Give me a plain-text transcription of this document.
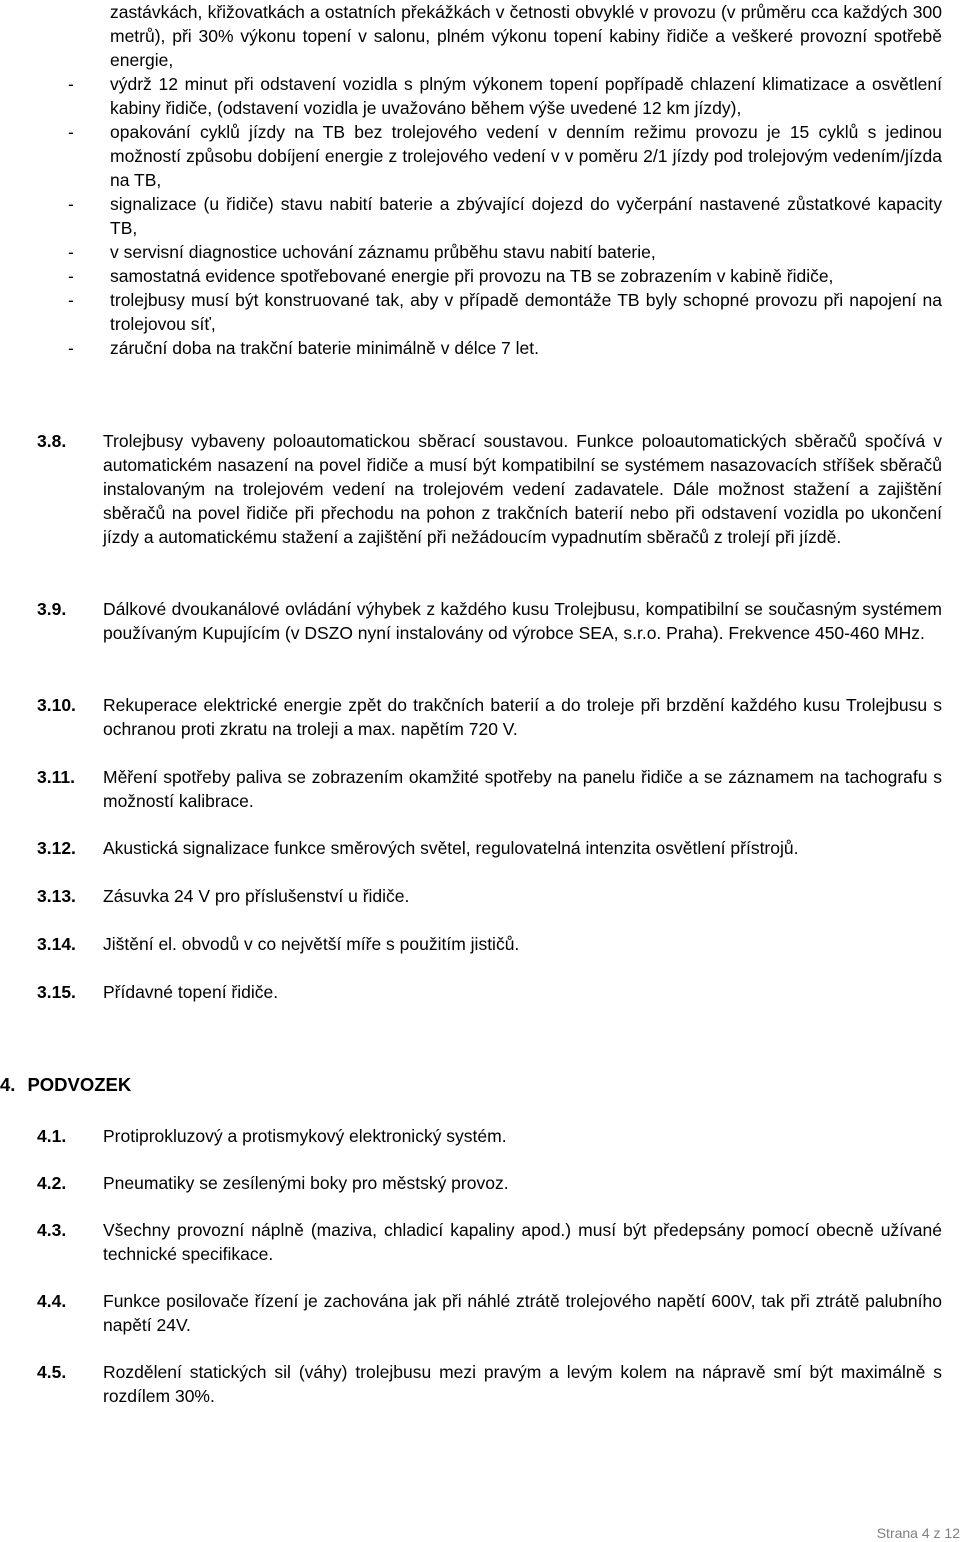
zastávkách, křižovatkách a ostatních překážkách v četnosti obvyklé v provozu (v průměru cca každých 300 metrů), při 30% výkonu topení v salonu, plném výkonu topení kabiny řidiče a veškeré provozní spotřebě energie,
- výdrž 12 minut při odstavení vozidla s plným výkonem topení popřípadě chlazení klimatizace a osvětlení kabiny řidiče, (odstavení vozidla je uvažováno během výše uvedené 12 km jízdy),
- opakování cyklů jízdy na TB bez trolejového vedení v denním režimu provozu je 15 cyklů s jedinou možností způsobu dobíjení energie z trolejového vedení v v poměru 2/1 jízdy pod trolejovým vedením/jízda na TB,
- signalizace (u řidiče) stavu nabití baterie a zbývající dojezd do vyčerpání nastavené zůstatkové kapacity TB,
- v servisní diagnostice uchování záznamu průběhu stavu nabití baterie,
- samostatná evidence spotřebované energie při provozu na TB se zobrazením v kabině řidiče,
- trolejbusy musí být konstruované tak, aby v případě demontáže TB byly schopné provozu při napojení na trolejovou síť,
- záruční doba na trakční baterie minimálně v délce 7 let.
3.8. Trolejbusy vybaveny poloautomatickou sběrací soustavou. Funkce poloautomatických sběračů spočívá v automatickém nasazení na povel řidiče a musí být kompatibilní se systémem nasazovacích stříšek sběračů instalovaným na trolejovém vedení na trolejovém vedení zadavatele. Dále možnost stažení a zajištění sběračů na povel řidiče při přechodu na pohon z trakčních baterií nebo při odstavení vozidla po ukončení jízdy a automatickému stažení a zajištění při nežádoucím vypadnutím sběračů z trolejí při jízdě.
3.9. Dálkové dvoukanálové ovládání výhybek z každého kusu Trolejbusu, kompatibilní se současným systémem používaným Kupujícím (v DSZO nyní instalovány od výrobce SEA, s.r.o. Praha). Frekvence 450-460 MHz.
3.10. Rekuperace elektrické energie zpět do trakčních baterií a do troleje při brzdění každého kusu Trolejbusu s ochranou proti zkratu na troleji a max. napětím 720 V.
3.11. Měření spotřeby paliva se zobrazením okamžité spotřeby na panelu řidiče a se záznamem na tachografu s možností kalibrace.
3.12. Akustická signalizace funkce směrových světel, regulovatelná intenzita osvětlení přístrojů.
3.13. Zásuvka 24 V pro příslušenství u řidiče.
3.14. Jištění el. obvodů v co největší míře s použitím jističů.
3.15. Přídavné topení řidiče.
4. PODVOZEK
4.1. Protiprokluzový a protismykový elektronický systém.
4.2. Pneumatiky se zesílenými boky pro městský provoz.
4.3. Všechny provozní náplně (maziva, chladicí kapaliny apod.) musí být předepsány pomocí obecně užívané technické specifikace.
4.4. Funkce posilovače řízení je zachována jak při náhlé ztrátě trolejového napětí 600V, tak při ztrátě palubního napětí 24V.
4.5. Rozdělení statických sil (váhy) trolejbusu mezi pravým a levým kolem na nápravě smí být maximálně s rozdílem 30%.
Strana 4 z 12
